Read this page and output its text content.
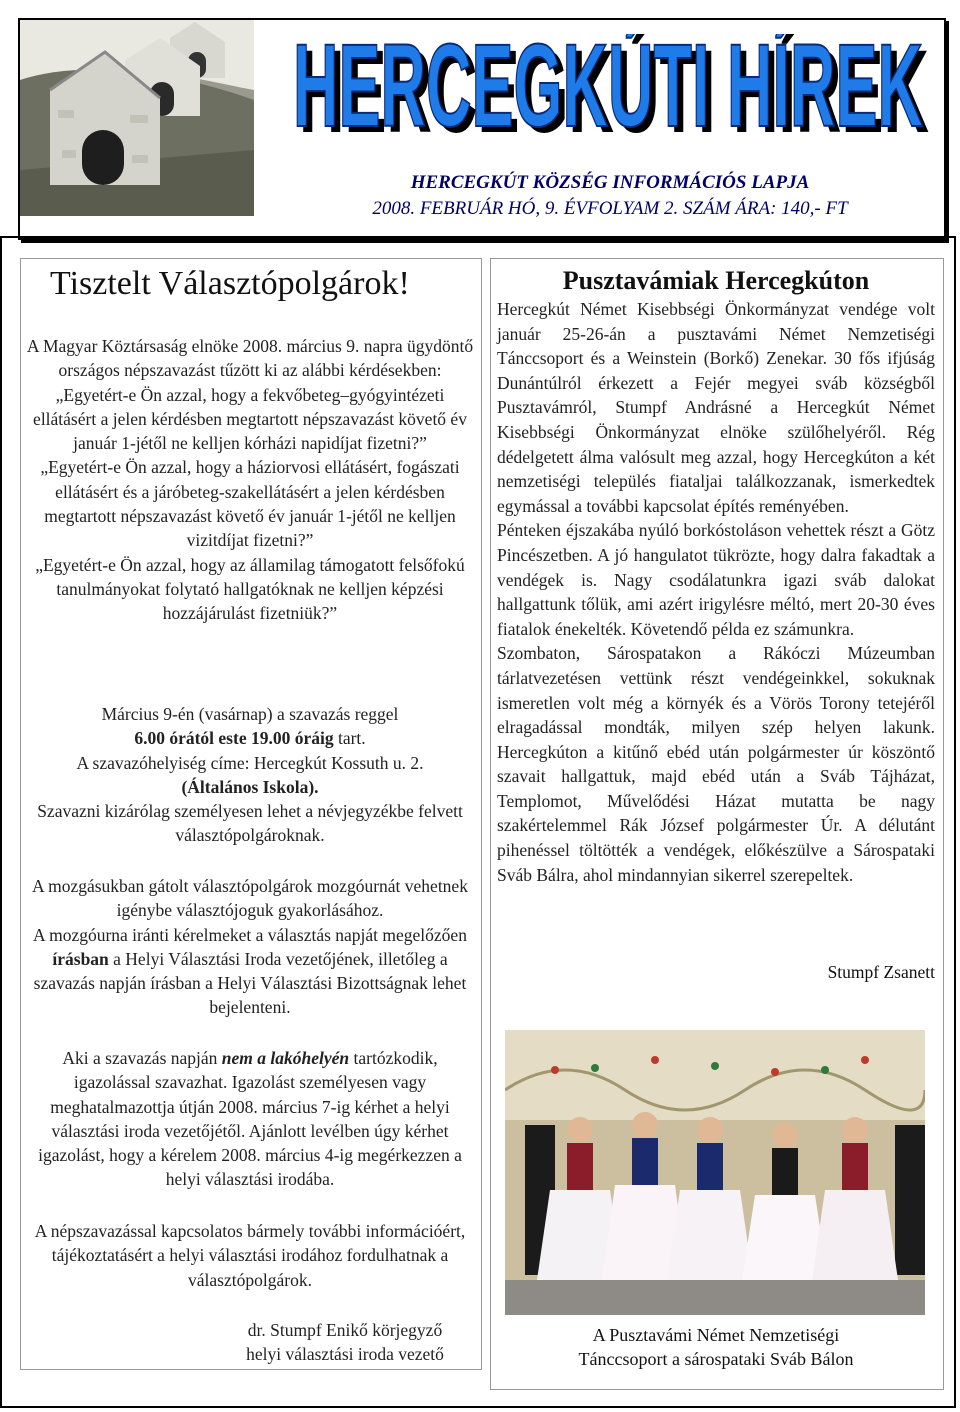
HERCEGKÚTI HÍREK
HERCEGKÚTI HÍREK
HERCEGKÚT KÖZSÉG INFORMÁCIÓS LAPJA
2008. FEBRUÁR HÓ, 9. ÉVFOLYAM 2. SZÁM ÁRA: 140,- FT
Tisztelt Választópolgárok!

A Magyar Köztársaság elnöke 2008. március 9. napra ügydöntő országos népszavazást tűzött ki az alábbi kérdésekben:

„Egyetért-e Ön azzal, hogy a fekvőbeteg–gyógyintézeti ellátásért a jelen kérdésben megtartott népszavazást követő év január 1-jétől ne kelljen kórházi napidíjat fizetni?”

„Egyetért-e Ön azzal, hogy a háziorvosi ellátásért, fogászati ellátásért és a járóbeteg-szakellátásért a jelen kérdésben megtartott népszavazást követő év január 1-jétől ne kelljen vizitdíjat fizetni?”

„Egyetért-e Ön azzal, hogy az államilag támogatott felsőfokú tanulmányokat folytató hallgatóknak ne kelljen képzési hozzájárulást fizetniük?”

Március 9-én (vasárnap) a szavazás reggel
6.00 órától este 19.00 óráig tart.

A szavazóhelyiség címe: Hercegkút Kossuth u. 2.
(Általános Iskola).

Szavazni kizárólag személyesen lehet a névjegyzékbe felvett választópolgároknak.

A mozgásukban gátolt választópolgárok mozgóurnát vehetnek igénybe választójoguk gyakorlásához.

A mozgóurna iránti kérelmeket a választás napját megelőzően írásban a Helyi Választási Iroda vezetőjének, illetőleg a szavazás napján írásban a Helyi Választási Bizottságnak lehet bejelenteni.

Aki a szavazás napján nem a lakóhelyén tartózkodik, igazolással szavazhat. Igazolást személyesen vagy meghatalmazottja útján 2008. március 7-ig kérhet a helyi választási iroda vezetőjétől. Ajánlott levélben úgy kérhet igazolást, hogy a kérelem 2008. március 4-ig megérkezzen a helyi választási irodába.

A népszavazással kapcsolatos bármely további információért, tájékoztatásért a helyi választási irodához fordulhatnak a választópolgárok.

dr. Stumpf Enikő körjegyző

helyi választási iroda vezető

Pusztavámiak Hercegkúton

Hercegkút Német Kisebbségi Önkormányzat vendége volt január 25-26-án a pusztavámi Német Nemzetiségi Tánccsoport és a Weinstein (Borkő) Zenekar. 30 fős ifjúság Dunántúlról érkezett a Fejér megyei sváb községből Pusztavámról, Stumpf Andrásné a Hercegkút Német Kisebbségi Önkormányzat elnöke szülőhelyéről. Rég dédelgetett álma valósult meg azzal, hogy Hercegkúton a két nemzetiségi település fiataljai találkozzanak, ismerkedtek egymással a további kapcsolat építés reményében.

Pénteken éjszakába nyúló borkóstoláson vehettek részt a Götz Pincészetben. A jó hangulatot tükrözte, hogy dalra fakadtak a vendégek is. Nagy csodálatunkra igazi sváb dalokat hallgattunk tőlük, ami azért irigylésre méltó, mert 20-30 éves fiatalok énekelték. Követendő példa ez számunkra.

Szombaton, Sárospatakon a Rákóczi Múzeumban tárlatvezetésen vettünk részt vendégeinkkel, sokuknak ismeretlen volt még a környék és a Vörös Torony tetejéről elragadással mondták, milyen szép helyen lakunk. Hercegkúton a kitűnő ebéd után polgármester úr köszöntő szavait hallgattuk, majd ebéd után a Sváb Tájházat, Templomot, Művelődési Házat mutatta be nagy szakértelemmel Rák József polgármester Úr. A délutánt pihenéssel töltötték a vendégek, előkészülve a Sárospataki Sváb Bálra, ahol mindannyian sikerrel szerepeltek.

Stumpf Zsanett
A Pusztavámi Német Nemzetiségi
Tánccsoport a sárospataki Sváb Bálon
